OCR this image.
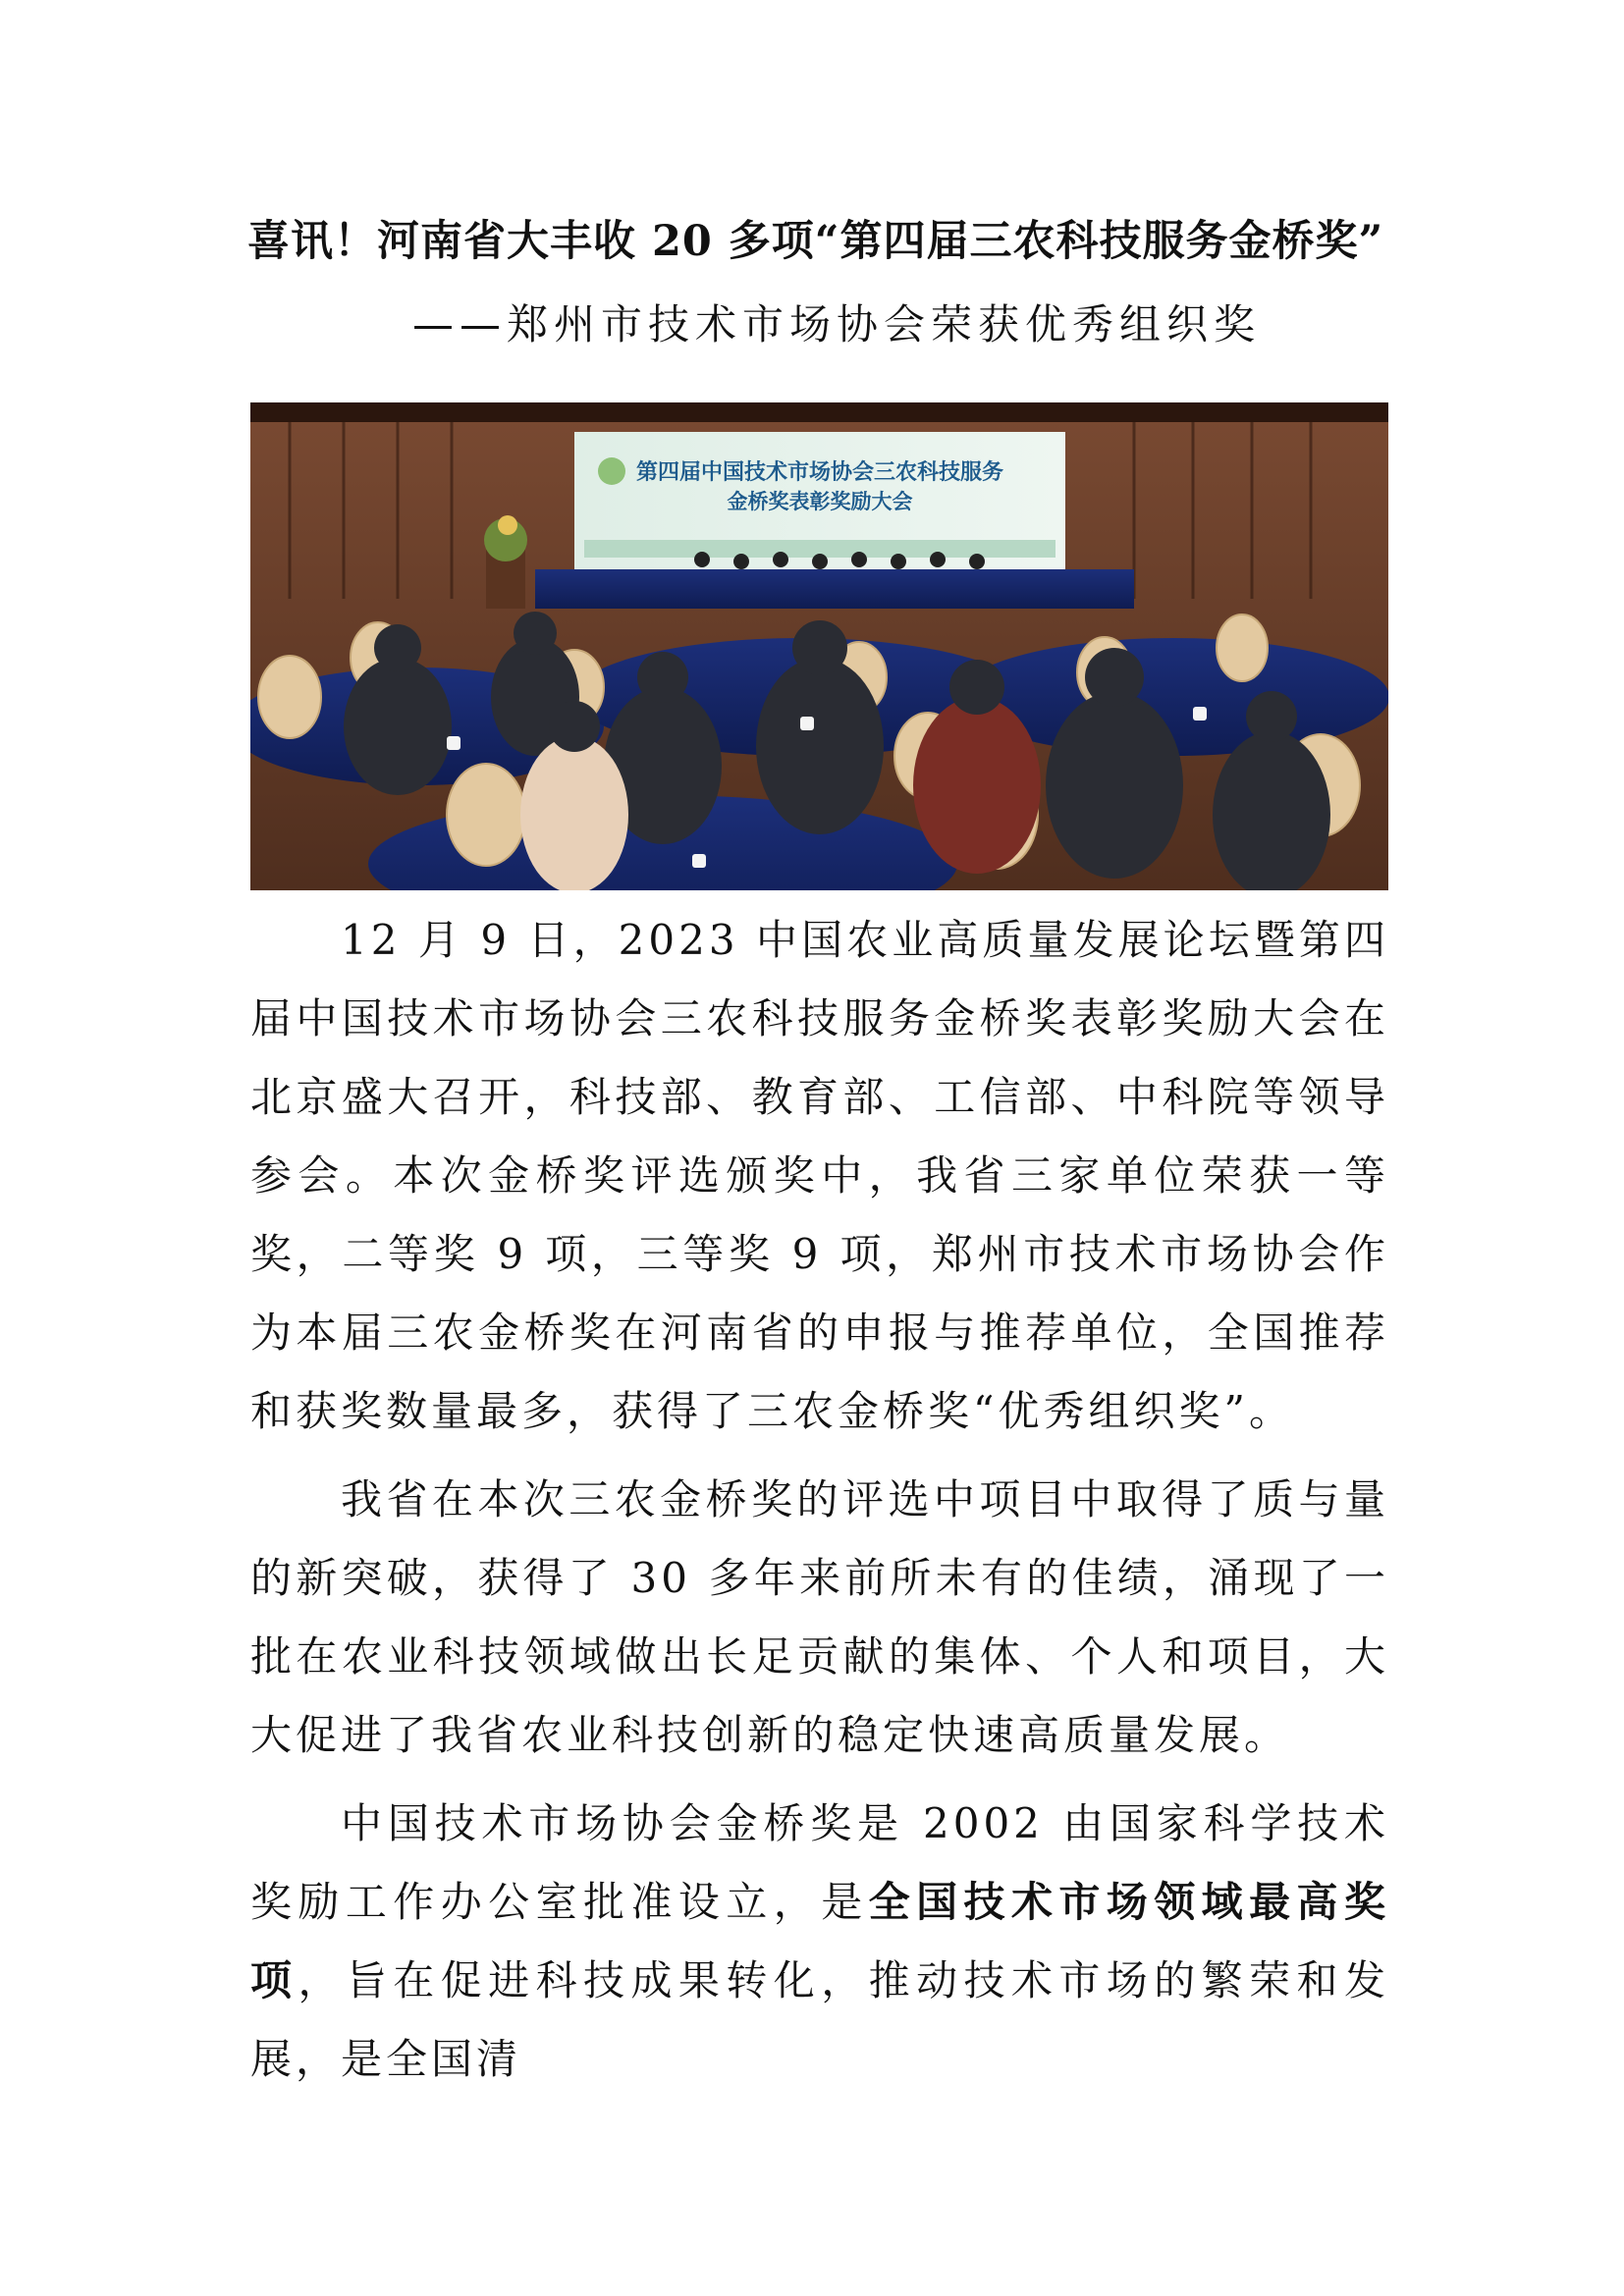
喜讯！河南省大丰收 20 多项“第四届三农科技服务金桥奖”
——郑州市技术市场协会荣获优秀组织奖
第四届中国技术市场协会三农科技服务
金桥奖表彰奖励大会

12 月 9 日，2023 中国农业高质量发展论坛暨第四届中国技术市场协会三农科技服务金桥奖表彰奖励大会在北京盛大召开，科技部、教育部、工信部、中科院等领导参会。本次金桥奖评选颁奖中，我省三家单位荣获一等奖，二等奖 9 项，三等奖 9 项，郑州市技术市场协会作为本届三农金桥奖在河南省的申报与推荐单位，全国推荐和获奖数量最多，获得了三农金桥奖“优秀组织奖”。

我省在本次三农金桥奖的评选中项目中取得了质与量的新突破，获得了 30 多年来前所未有的佳绩，涌现了一批在农业科技领域做出长足贡献的集体、个人和项目，大大促进了我省农业科技创新的稳定快速高质量发展。

中国技术市场协会金桥奖是 2002 由国家科学技术奖励工作办公室批准设立，是全国技术市场领域最高奖项，旨在促进科技成果转化，推动技术市场的繁荣和发展，是全国清
